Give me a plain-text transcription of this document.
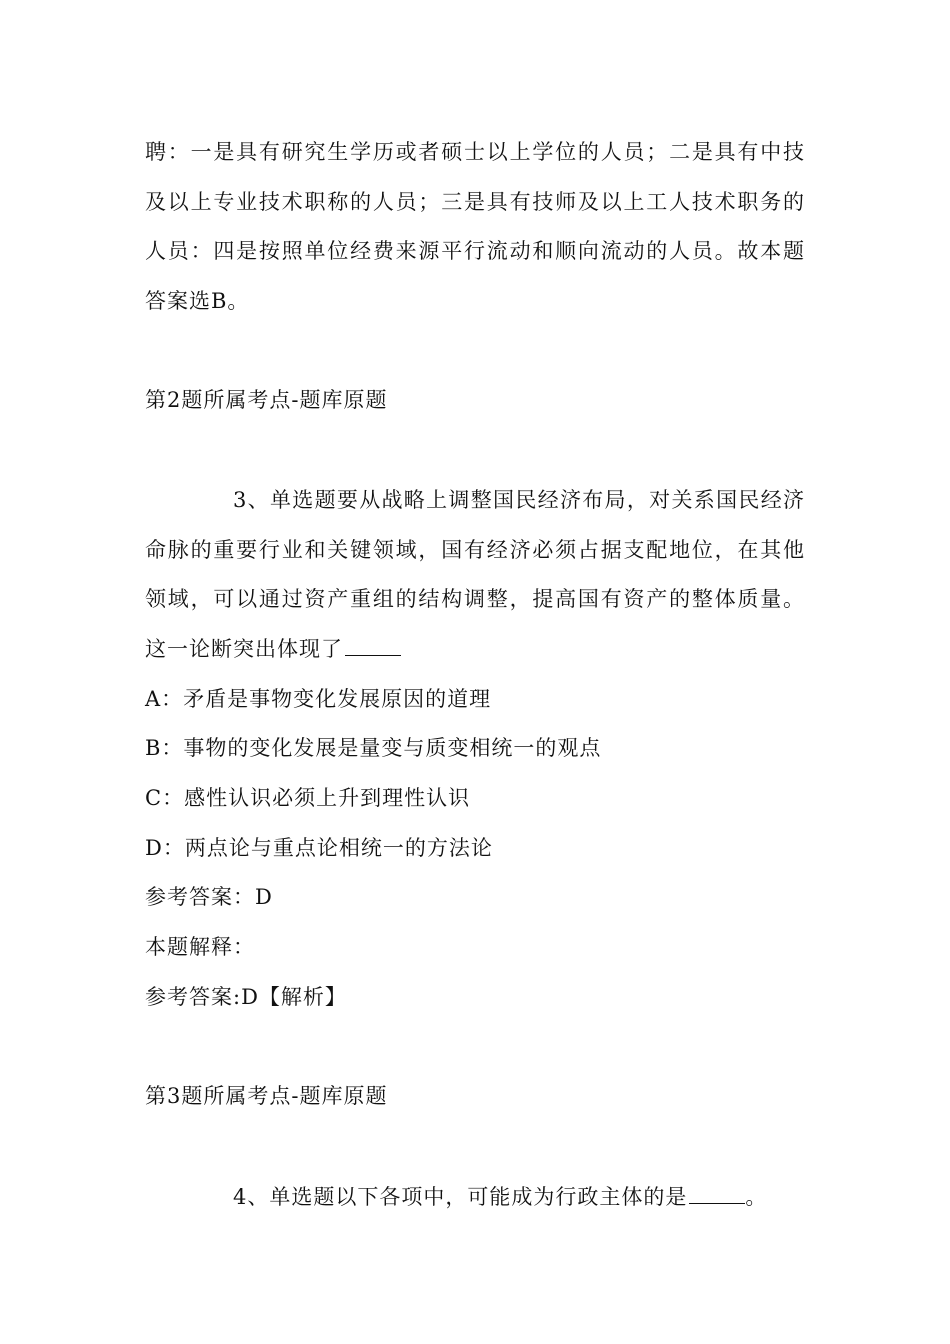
聘：一是具有研究生学历或者硕士以上学位的人员；二是具有中技
及以上专业技术职称的人员；三是具有技师及以上工人技术职务的
人员：四是按照单位经费来源平行流动和顺向流动的人员。故本题
答案选B。
第2题所属考点-题库原题
3、单选题要从战略上调整国民经济布局，对关系国民经济
命脉的重要行业和关键领域，国有经济必须占据支配地位，在其他
领域，可以通过资产重组的结构调整，提高国有资产的整体质量。
这一论断突出体现了
A：矛盾是事物变化发展原因的道理
B：事物的变化发展是量变与质变相统一的观点
C：感性认识必须上升到理性认识
D：两点论与重点论相统一的方法论
参考答案：D
本题解释：
参考答案:D【解析】
第3题所属考点-题库原题
4、单选题以下各项中，可能成为行政主体的是	。
